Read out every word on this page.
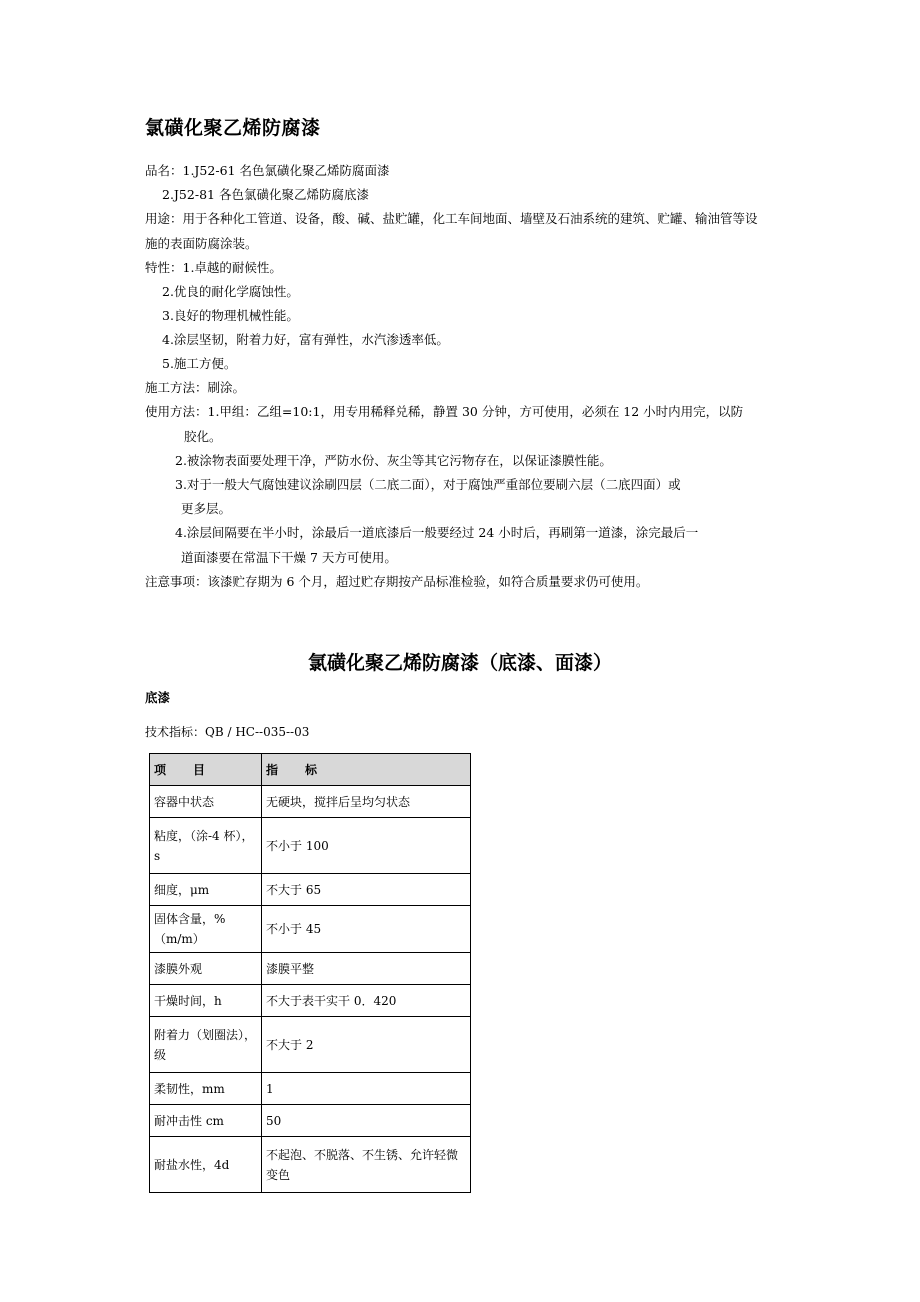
氯磺化聚乙烯防腐漆
品名：1.J52-61 名色氯磺化聚乙烯防腐面漆
2.J52-81 各色氯磺化聚乙烯防腐底漆
用途：用于各种化工管道、设备，酸、碱、盐贮罐，化工车间地面、墙壁及石油系统的建筑、贮罐、输油管等设
施的表面防腐涂装。
特性：1.卓越的耐候性。
2.优良的耐化学腐蚀性。
3.良好的物理机械性能。
4.涂层坚韧，附着力好，富有弹性，水汽渗透率低。
5.施工方便。
施工方法：刷涂。
使用方法：1.甲组：乙组=10:1，用专用稀释兑稀，静置 30 分钟，方可使用，必须在 12 小时内用完，以防
胶化。
2.被涂物表面要处理干净，严防水份、灰尘等其它污物存在，以保证漆膜性能。
3.对于一般大气腐蚀建议涂刷四层（二底二面），对于腐蚀严重部位要刷六层（二底四面）或
更多层。
4.涂层间隔要在半小时，涂最后一道底漆后一般要经过 24 小时后，再刷第一道漆，涂完最后一
道面漆要在常温下干燥 7 天方可使用。
注意事项：该漆贮存期为 6 个月，超过贮存期按产品标准检验，如符合质量要求仍可使用。
氯磺化聚乙烯防腐漆（底漆、面漆）
底漆
技术指标：QB / HC--035--03
项　　目	指　　标
容器中状态	无硬块，搅拌后呈均匀状态
粘度，（涂-4 杯），s	不小于 100
细度，μm	不大于 65
固体含量，%（m/m）	不小于 45
漆膜外观	漆膜平整
干燥时间，h	不大于表干实干 0．420
附着力（划圈法），级	不大于 2
柔韧性，mm	1
耐冲击性 cm	50
耐盐水性，4d	不起泡、不脱落、不生锈、允许轻微变色
